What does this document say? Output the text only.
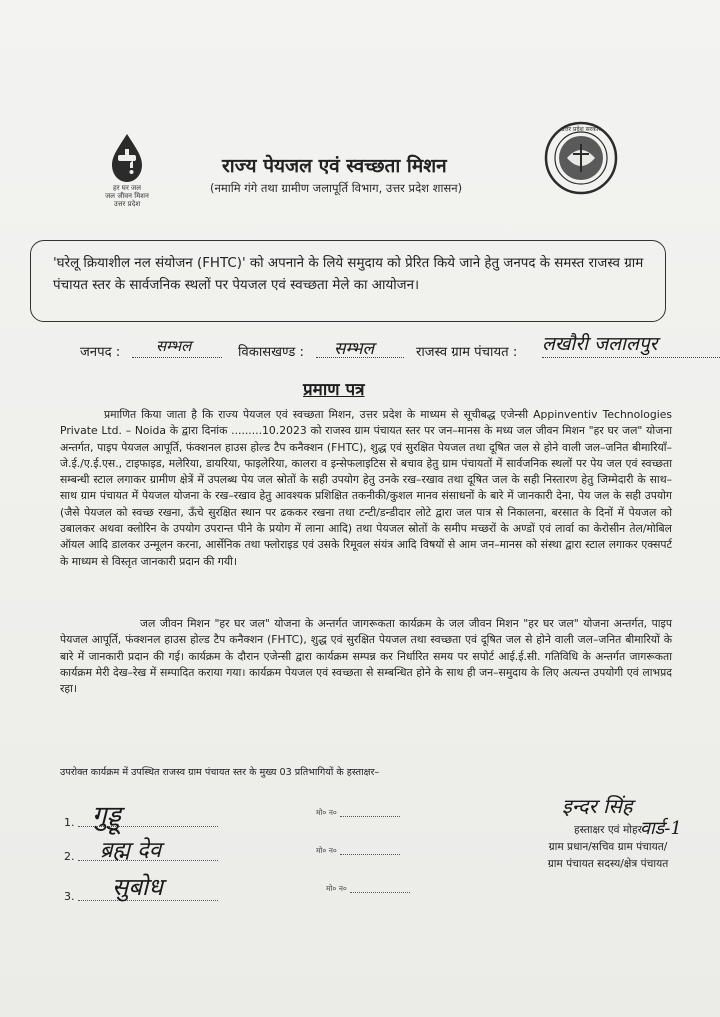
हर घर जल
जल जीवन मिशन
उत्तर प्रदेश
उत्तर प्रदेश सरकार
राज्य पेयजल एवं स्वच्छता मिशन
(नमामि गंगे तथा ग्रामीण जलापूर्ति विभाग, उत्तर प्रदेश शासन)
'घरेलू क्रियाशील नल संयोजन (FHTC)' को अपनाने के लिये समुदाय को प्रेरित किये जाने हेतु जनपद के समस्त राजस्व ग्राम पंचायत स्तर के सार्वजनिक स्थलों पर पेयजल एवं स्वच्छता मेले का आयोजन।
जनपद : सम्भल	विकासखण्ड : सम्भल	राजस्व ग्राम पंचायत : लखौरी जलालपुर
प्रमाण पत्र
प्रमाणित किया जाता है कि राज्य पेयजल एवं स्वच्छता मिशन, उत्तर प्रदेश के माध्यम से सूचीबद्ध एजेन्सी Appinventiv Technologies Private Ltd. – Noida के द्वारा दिनांक .........10.2023 को राजस्व ग्राम पंचायत स्तर पर जन–मानस के मध्य जल जीवन मिशन "हर घर जल" योजना अन्तर्गत, पाइप पेयजल आपूर्ति, फंक्शनल हाउस होल्ड टैप कनैक्शन (FHTC), शुद्ध एवं सुरक्षित पेयजल तथा दूषित जल से होने वाली जल–जनित बीमारियाँ–जे.ई./ए.ई.एस., टाइफाइड, मलेरिया, डायरिया, फाइलेरिया, कालरा व इन्सेफलाइटिस से बचाव हेतु ग्राम पंचायतों में सार्वजनिक स्थलों पर पेय जल एवं स्वच्छता सम्बन्धी स्टाल लगाकर ग्रामीण क्षेत्रें में उपलब्ध पेय जल स्रोतों के सही उपयोग हेतु उनके रख–रखाव तथा दूषित जल के सही निस्तारण हेतु जिम्मेदारी के साथ–साथ ग्राम पंचायत में पेयजल योजना के रख–रखाव हेतु आवश्यक प्रशिक्षित तकनीकी/कुशल मानव संसाधनों के बारे में जानकारी देना, पेय जल के सही उपयोग (जैसे पेयजल को स्वच्छ रखना, ऊँचे सुरक्षित स्थान पर ढककर रखना तथा टन्टी/डन्डीदार लोटे द्वारा जल पात्र से निकालना, बरसात के दिनों में पेयजल को उबालकर अथवा क्लोरिन के उपयोग उपरान्त पीने के प्रयोग में लाना आदि) तथा पेयजल स्रोतों के समीप मच्छरों के अण्डों एवं लार्वा का केरोसीन तेल/मोबिल ऑयल आदि डालकर उन्मूलन करना, आर्सेनिक तथा फ्लोराइड एवं उसके रिमूवल संयंत्र आदि विषयों से आम जन–मानस को संस्था द्वारा स्टाल लगाकर एक्सपर्ट के माध्यम से विस्तृत जानकारी प्रदान की गयी।
जल जीवन मिशन "हर घर जल" योजना के अन्तर्गत जागरूकता कार्यक्रम के जल जीवन मिशन "हर घर जल" योजना अन्तर्गत, पाइप पेयजल आपूर्ति, फंक्शनल हाउस होल्ड टैप कनैक्शन (FHTC), शुद्ध एवं सुरक्षित पेयजल तथा स्वच्छता एवं दूषित जल से होने वाली जल–जनित बीमारियों के बारे में जानकारी प्रदान की गई। कार्यक्रम के दौरान एजेन्सी द्वारा कार्यक्रम सम्पन्न कर निर्धारित समय पर सपोर्ट आई.ई.सी. गतिविधि के अन्तर्गत जागरूकता कार्यक्रम मेरी देख–रेख में सम्पादित कराया गया। कार्यक्रम पेयजल एवं स्वच्छता से सम्बन्धित होने के साथ ही जन–समुदाय के लिए अत्यन्त उपयोगी एवं लाभप्रद रहा।
उपरोक्त कार्यक्रम में उपस्थित राजस्व ग्राम पंचायत स्तर के मुख्य 03 प्रतिभागियों के हस्ताक्षर–
1. गुड्डू	मो० न०
2. ब्रह्म देव	मो० न०
3. सुबोध	मो० न०
इन्दर सिंह
वार्ड-1
हस्ताक्षर एवं मोहर
ग्राम प्रधान/सचिव ग्राम पंचायत/
ग्राम पंचायत सदस्य/क्षेत्र पंचायत
